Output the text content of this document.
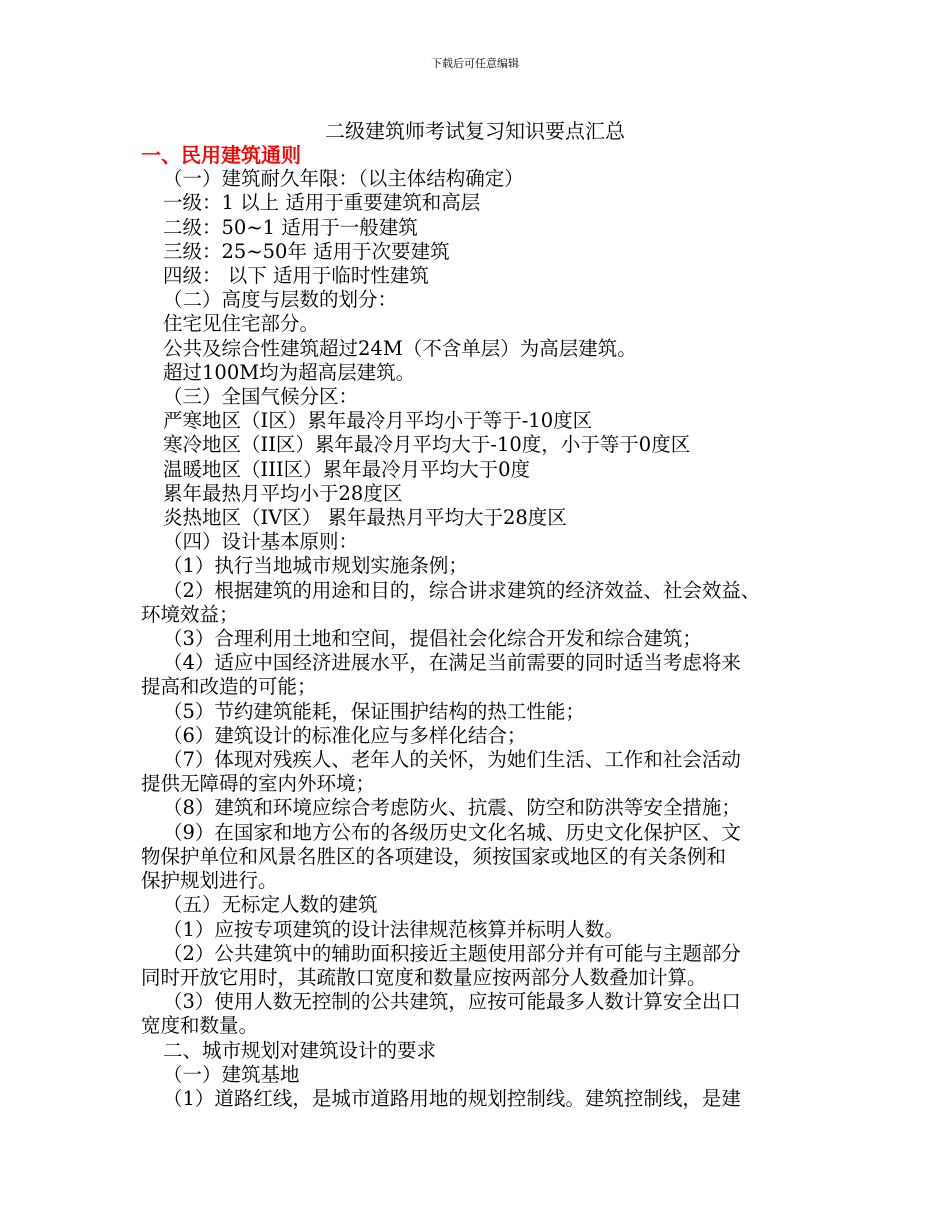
下载后可任意编辑
二级建筑师考试复习知识要点汇总
一、民用建筑通则
（一）建筑耐久年限：（以主体结构确定）
一级：1 以上 适用于重要建筑和高层
二级：50~1 适用于一般建筑
三级：25~50年 适用于次要建筑
四级： 以下 适用于临时性建筑
（二）高度与层数的划分：
住宅见住宅部分。
公共及综合性建筑超过24M（不含单层）为高层建筑。
超过100M均为超高层建筑。
（三）全国气候分区：
严寒地区（I区）累年最冷月平均小于等于-10度区
寒冷地区（II区）累年最冷月平均大于-10度，小于等于0度区
温暖地区（III区）累年最冷月平均大于0度
累年最热月平均小于28度区
炎热地区（IV区） 累年最热月平均大于28度区
（四）设计基本原则：
（1）执行当地城市规划实施条例；
（2）根据建筑的用途和目的，综合讲求建筑的经济效益、社会效益、
环境效益；
（3）合理利用土地和空间，提倡社会化综合开发和综合建筑；
（4）适应中国经济进展水平，在满足当前需要的同时适当考虑将来
提高和改造的可能；
（5）节约建筑能耗，保证围护结构的热工性能；
（6）建筑设计的标准化应与多样化结合；
（7）体现对残疾人、老年人的关怀，为她们生活、工作和社会活动
提供无障碍的室内外环境；
（8）建筑和环境应综合考虑防火、抗震、防空和防洪等安全措施；
（9）在国家和地方公布的各级历史文化名城、历史文化保护区、文
物保护单位和风景名胜区的各项建设，须按国家或地区的有关条例和
保护规划进行。
（五）无标定人数的建筑
（1）应按专项建筑的设计法律规范核算并标明人数。
（2）公共建筑中的辅助面积接近主题使用部分并有可能与主题部分
同时开放它用时，其疏散口宽度和数量应按两部分人数叠加计算。
（3）使用人数无控制的公共建筑，应按可能最多人数计算安全出口
宽度和数量。
二、城市规划对建筑设计的要求
（一）建筑基地
（1）道路红线，是城市道路用地的规划控制线。建筑控制线，是建
